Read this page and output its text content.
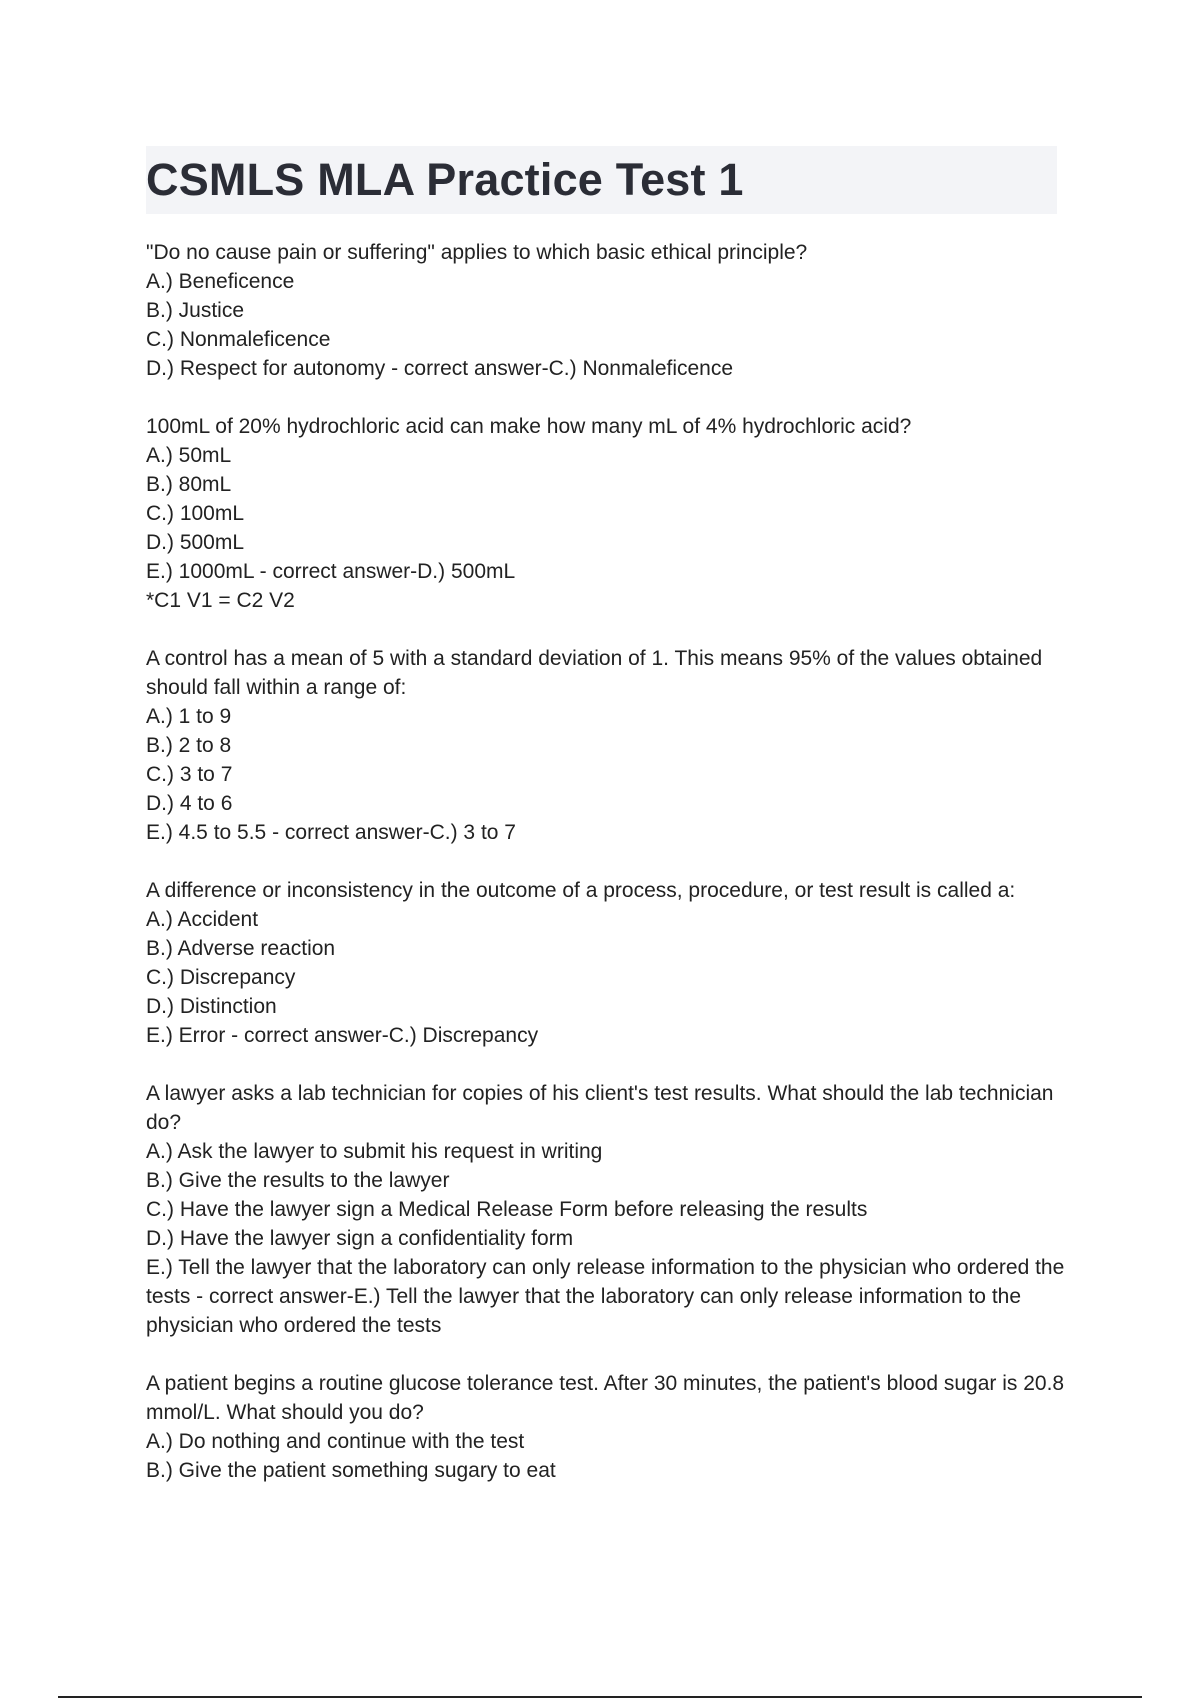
CSMLS MLA Practice Test 1
"Do no cause pain or suffering" applies to which basic ethical principle?
A.) Beneficence
B.) Justice
C.) Nonmaleficence
D.) Respect for autonomy - correct answer-C.) Nonmaleficence
100mL of 20% hydrochloric acid can make how many mL of 4% hydrochloric acid?
A.) 50mL
B.) 80mL
C.) 100mL
D.) 500mL
E.) 1000mL - correct answer-D.) 500mL
*C1 V1 = C2 V2
A control has a mean of 5 with a standard deviation of 1. This means 95% of the values obtained should fall within a range of:
A.) 1 to 9
B.) 2 to 8
C.) 3 to 7
D.) 4 to 6
E.) 4.5 to 5.5 - correct answer-C.) 3 to 7
A difference or inconsistency in the outcome of a process, procedure, or test result is called a:
A.) Accident
B.) Adverse reaction
C.) Discrepancy
D.) Distinction
E.) Error - correct answer-C.) Discrepancy
A lawyer asks a lab technician for copies of his client's test results. What should the lab technician do?
A.) Ask the lawyer to submit his request in writing
B.) Give the results to the lawyer
C.) Have the lawyer sign a Medical Release Form before releasing the results
D.) Have the lawyer sign a confidentiality form
E.) Tell the lawyer that the laboratory can only release information to the physician who ordered the tests - correct answer-E.) Tell the lawyer that the laboratory can only release information to the physician who ordered the tests
A patient begins a routine glucose tolerance test. After 30 minutes, the patient's blood sugar is 20.8 mmol/L. What should you do?
A.) Do nothing and continue with the test
B.) Give the patient something sugary to eat
